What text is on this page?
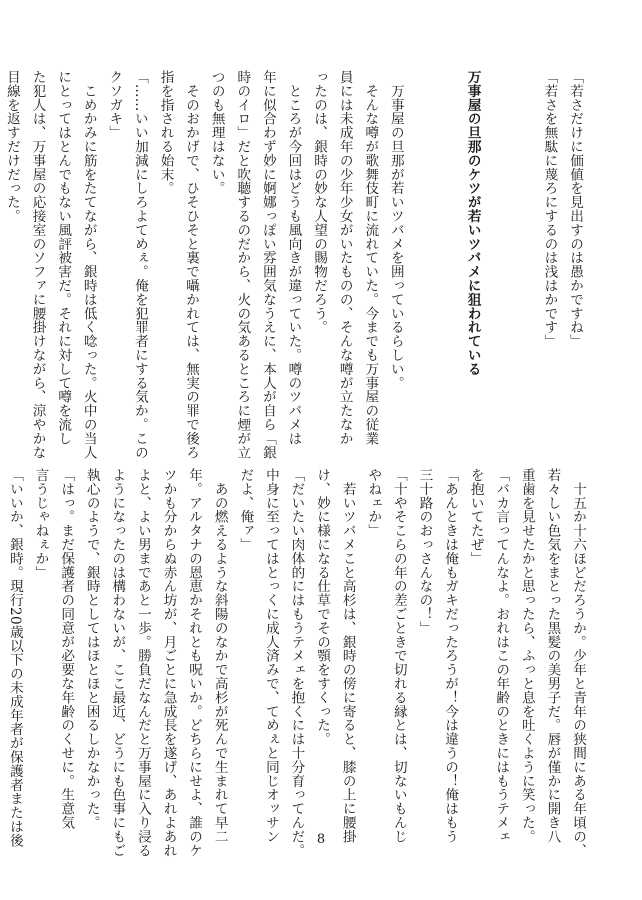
「若さだけに価値を見出すのは愚かですね」

「若さを無駄に蔑ろにするのは浅はかです」

万事屋の旦那のケツが若いツバメに狙われている

　万事屋の旦那が若いツバメを囲っているらしい。

　そんな噂が歌舞伎町に流れていた。今までも万事屋の従業

員には未成年の少年少女がいたものの、そんな噂が立たなか

ったのは、銀時の妙な人望の賜物だろう。

　ところが今回はどうも風向きが違っていた。噂のツバメは

年に似合わず妙に婀娜っぽい雰囲気なうえに、本人が自ら「銀

時のイロ」だと吹聴するのだから、火の気あるところに煙が立

つのも無理はない。

　そのおかげで、ひそひそと裏で囁かれては、無実の罪で後ろ

指を指される始末。

「……いい加減にしろよてめぇ。俺を犯罪者にする気か。この

クソガキ」

　こめかみに筋をたてながら、銀時は低く唸った。火中の当人

にとってはとんでもない風評被害だ。それに対して噂を流し

た犯人は、万事屋の応接室のソファに腰掛けながら、涼やかな

目線を返すだけだった。

　十五か十六ほどだろうか。少年と青年の狭間にある年頃の、

若々しい色気をまとった黒髪の美男子だ。唇が僅かに開き八

重歯を見せたかと思ったら、ふっと息を吐くように笑った。

「バカ言ってんなよ。おれはこの年齢のときにはもうテメェ

を抱いてたぜ」

「あんときは俺もガキだったろうが！今は違うの！俺はもう

三十路のおっさんなの！」

「十やそこらの年の差ごときで切れる縁とは、切ないもんじ

やねェか」

　若いツバメこと高杉は、銀時の傍に寄ると、膝の上に腰掛

け、妙に様になる仕草でその顎をすくった。

「だいたい肉体的にはもうテメェを抱くには十分育ってんだ。

中身に至ってはとっくに成人済みで、てめぇと同じオッサン

だよ、俺ァ」

　あの燃えるような斜陽のなかで高杉が死んで生まれて早二

年。アルタナの恩恵かそれとも呪いか。どちらにせよ、誰のケ

ツかも分からぬ赤ん坊が、月ごとに急成長を遂げ、あれよあれ

よと、よい男まであと一歩。勝負だなんだと万事屋に入り浸る

ようになったのは構わないが、ここ最近、どうにも色事にもご

執心のようで、銀時としてはほとほと困るしかなかった。

「はっ。まだ保護者の同意が必要な年齢のくせに。生意気

言うじゃねぇか」

「いいか、銀時。現行20歳以下の未成年者が保護者または後	8
